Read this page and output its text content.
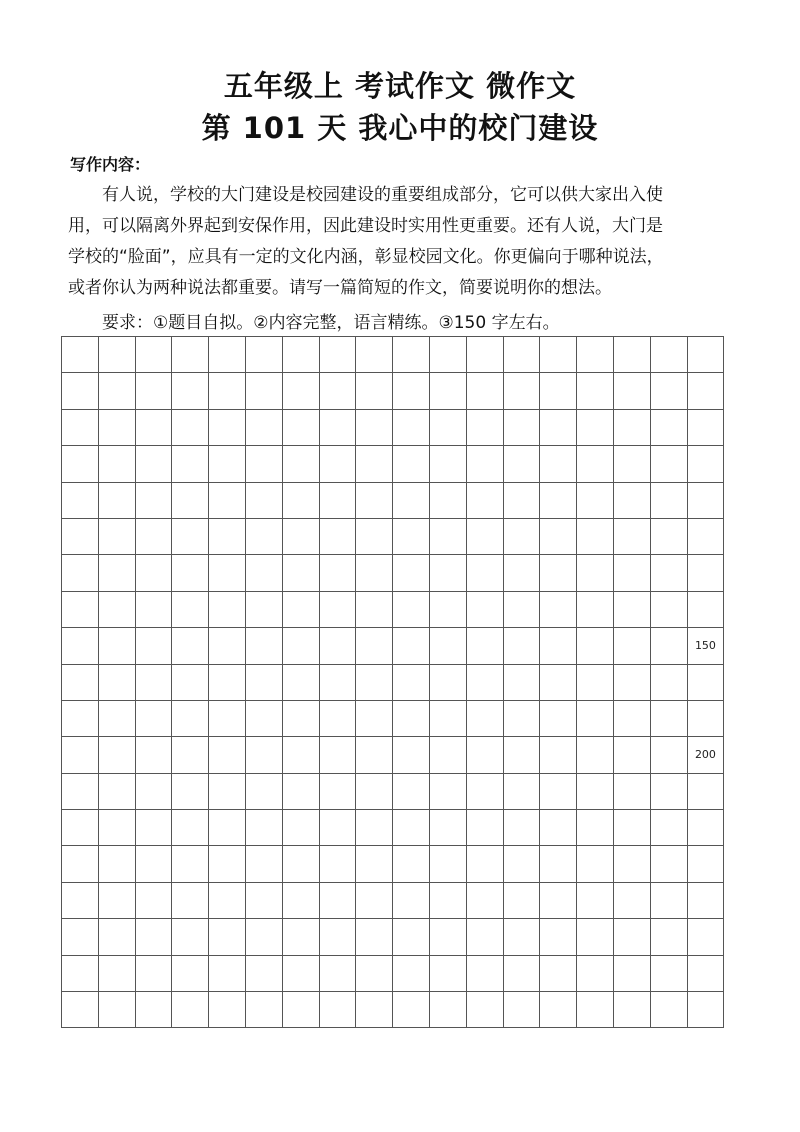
五年级上 考试作文 微作文
第 101 天 我心中的校门建设
写作内容：
有人说，学校的大门建设是校园建设的重要组成部分，它可以供大家出入使
用，可以隔离外界起到安保作用，因此建设时实用性更重要。还有人说，大门是
学校的“脸面”，应具有一定的文化内涵，彰显校园文化。你更偏向于哪种说法，
或者你认为两种说法都重要。请写一篇简短的作文，简要说明你的想法。
要求：①题目自拟。②内容完整，语言精练。③150 字左右。

																	150

																	200
